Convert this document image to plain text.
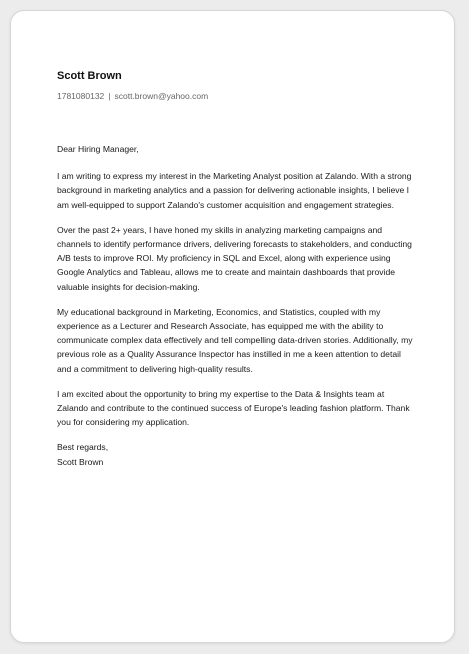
Scott Brown
1781080132 | scott.brown@yahoo.com

Dear Hiring Manager,

I am writing to express my interest in the Marketing Analyst position at Zalando. With a strong background in marketing analytics and a passion for delivering actionable insights, I believe I am well-equipped to support Zalando's customer acquisition and engagement strategies.

Over the past 2+ years, I have honed my skills in analyzing marketing campaigns and channels to identify performance drivers, delivering forecasts to stakeholders, and conducting A/B tests to improve ROI. My proficiency in SQL and Excel, along with experience using Google Analytics and Tableau, allows me to create and maintain dashboards that provide valuable insights for decision-making.

My educational background in Marketing, Economics, and Statistics, coupled with my experience as a Lecturer and Research Associate, has equipped me with the ability to communicate complex data effectively and tell compelling data-driven stories. Additionally, my previous role as a Quality Assurance Inspector has instilled in me a keen attention to detail and a commitment to delivering high-quality results.

I am excited about the opportunity to bring my expertise to the Data & Insights team at Zalando and contribute to the continued success of Europe's leading fashion platform. Thank you for considering my application.

Best regards,
Scott Brown
